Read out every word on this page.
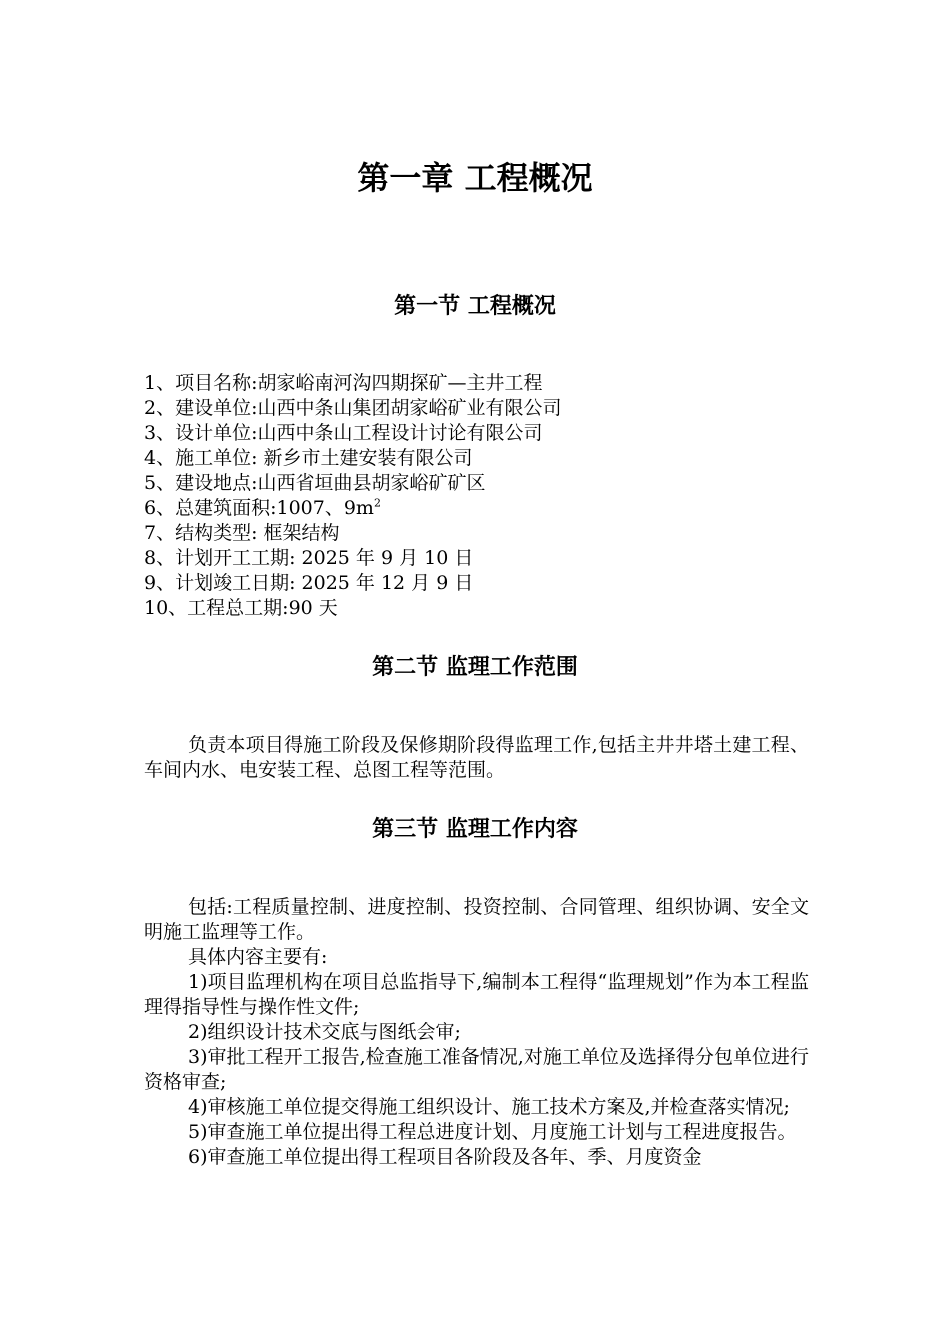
第一章 工程概况
第一节 工程概况
1、项目名称:胡家峪南河沟四期探矿—主井工程
2、建设单位:山西中条山集团胡家峪矿业有限公司
3、设计单位:山西中条山工程设计讨论有限公司
4、施工单位: 新乡市土建安装有限公司
5、建设地点:山西省垣曲县胡家峪矿矿区
6、总建筑面积:1007、$9m^2$
7、结构类型: 框架结构
8、计划开工工期: 2025 年 9 月 10 日
9、计划竣工日期: 2025 年 12 月 9 日
10、工程总工期:90 天
第二节 监理工作范围

负责本项目得施工阶段及保修期阶段得监理工作,包括主井井塔土建工程、车间内水、电安装工程、总图工程等范围。

第三节 监理工作内容

包括:工程质量控制、进度控制、投资控制、合同管理、组织协调、安全文明施工监理等工作。

具体内容主要有:

1)项目监理机构在项目总监指导下,编制本工程得“监理规划”作为本工程监理得指导性与操作性文件;

2)组织设计技术交底与图纸会审;

3)审批工程开工报告,检查施工准备情况,对施工单位及选择得分包单位进行资格审查;

4)审核施工单位提交得施工组织设计、施工技术方案及,并检查落实情况;

5)审查施工单位提出得工程总进度计划、月度施工计划与工程进度报告。

6)审查施工单位提出得工程项目各阶段及各年、季、月度资金
